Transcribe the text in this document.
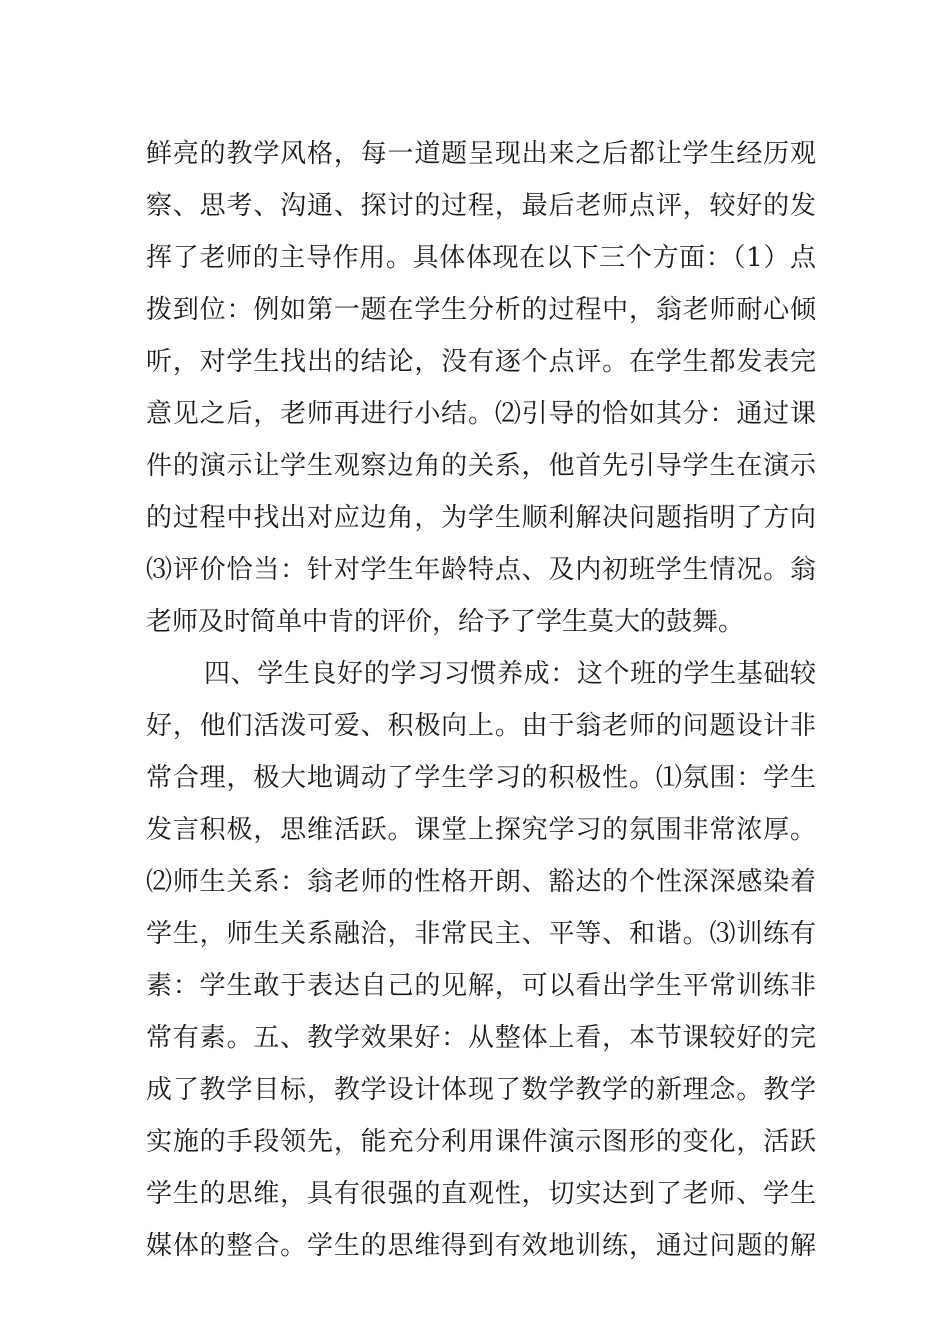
鲜亮的教学风格，每一道题呈现出来之后都让学生经历观
察、思考、沟通、探讨的过程，最后老师点评，较好的发
挥了老师的主导作用。具体体现在以下三个方面：（1）点
拨到位：例如第一题在学生分析的过程中，翁老师耐心倾
听，对学生找出的结论，没有逐个点评。在学生都发表完
意见之后，老师再进行小结。⑵引导的恰如其分：通过课
件的演示让学生观察边角的关系，他首先引导学生在演示
的过程中找出对应边角，为学生顺利解决问题指明了方向
⑶评价恰当：针对学生年龄特点、及内初班学生情况。翁
老师及时简单中肯的评价，给予了学生莫大的鼓舞。
四、学生良好的学习习惯养成：这个班的学生基础较
好，他们活泼可爱、积极向上。由于翁老师的问题设计非
常合理，极大地调动了学生学习的积极性。⑴氛围：学生
发言积极，思维活跃。课堂上探究学习的氛围非常浓厚。
⑵师生关系：翁老师的性格开朗、豁达的个性深深感染着
学生，师生关系融洽，非常民主、平等、和谐。⑶训练有
素：学生敢于表达自己的见解，可以看出学生平常训练非
常有素。五、教学效果好：从整体上看，本节课较好的完
成了教学目标，教学设计体现了数学教学的新理念。教学
实施的手段领先，能充分利用课件演示图形的变化，活跃
学生的思维，具有很强的直观性，切实达到了老师、学生
媒体的整合。学生的思维得到有效地训练，通过问题的解
